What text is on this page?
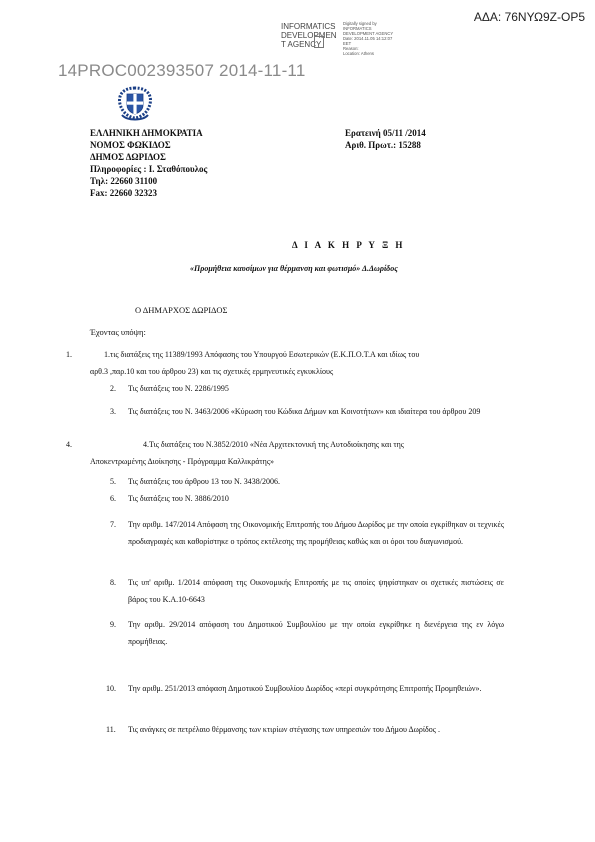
ΑΔΑ: 76ΝΥΩ9Ζ-ΟΡ5
INFORMATICS DEVELOPMEN T AGENCY
Digitally signed by
INFORMATICS
DEVELOPMENT AGENCY
Date: 2014.11.05 14:12:07
EET
Reason:
Location: Athens
14PROC002393507 2014-11-11
ΕΛΛΗΝΙΚΗ ΔΗΜΟΚΡΑΤΙΑ
ΝΟΜΟΣ ΦΩΚΙΔΟΣ
ΔΗΜΟΣ ΔΩΡΙΔΟΣ
Πληροφορίες : Ι. Σταθόπουλος
Τηλ: 22660 31100
Fax: 22660 32323
Ερατεινή 05/11 /2014
Αριθ. Πρωτ.: 15288
Δ Ι Α Κ Η Ρ Υ Ξ Η
«Προμήθεια καυσίμων για θέρμανση και φωτισμό» Δ.Δωρίδος
Ο ΔΗΜΑΡΧΟΣ ΔΩΡΙΔΟΣ
Έχοντας υπόψη:
1.	1.τις διατάξεις της 11389/1993 Απόφασης του Υπουργού Εσωτερικών (Ε.Κ.Π.Ο.Τ.Α και ιδίως του
αρθ.3 ,παρ.10 και του άρθρου 23) και τις σχετικές ερμηνευτικές εγκυκλίους
2. Τις διατάξεις του Ν. 2286/1995
3. Τις διατάξεις του Ν. 3463/2006 «Κύρωση του Κώδικα Δήμων και Κοινοτήτων» και ιδιαίτερα του άρθρου 209
4.	4.Τις διατάξεις του Ν.3852/2010 «Νέα Αρχιτεκτονική της Αυτοδιοίκησης και της
Αποκεντρωμένης Διοίκησης - Πρόγραμμα Καλλικράτης»
5. Τις διατάξεις του άρθρου 13 του Ν. 3438/2006.
6. Τις διατάξεις του Ν. 3886/2010
7. Την αριθμ. 147/2014 Απόφαση της Οικονομικής Επιτροπής του Δήμου Δωρίδος με την οποία εγκρίθηκαν οι τεχνικές προδιαγραφές και καθορίστηκε ο τρόπος εκτέλεσης της προμήθειας καθώς και οι όροι του διαγωνισμού.
8. Τις υπ' αριθμ. 1/2014 απόφαση της Οικονομικής Επιτροπής με τις οποίες ψηφίστηκαν οι σχετικές πιστώσεις σε βάρος του Κ.Α.10-6643
9. Την αριθμ. 29/2014 απόφαση του Δημοτικού Συμβουλίου με την οποία εγκρίθηκε η διενέργεια της εν λόγω προμήθειας.
10. Την αριθμ. 251/2013 απόφαση Δημοτικού Συμβουλίου Δωρίδος «περί συγκρότησης Επιτροπής Προμηθειών».
11. Τις ανάγκες σε πετρέλαιο θέρμανσης των κτιρίων στέγασης των υπηρεσιών του Δήμου Δωρίδος .
